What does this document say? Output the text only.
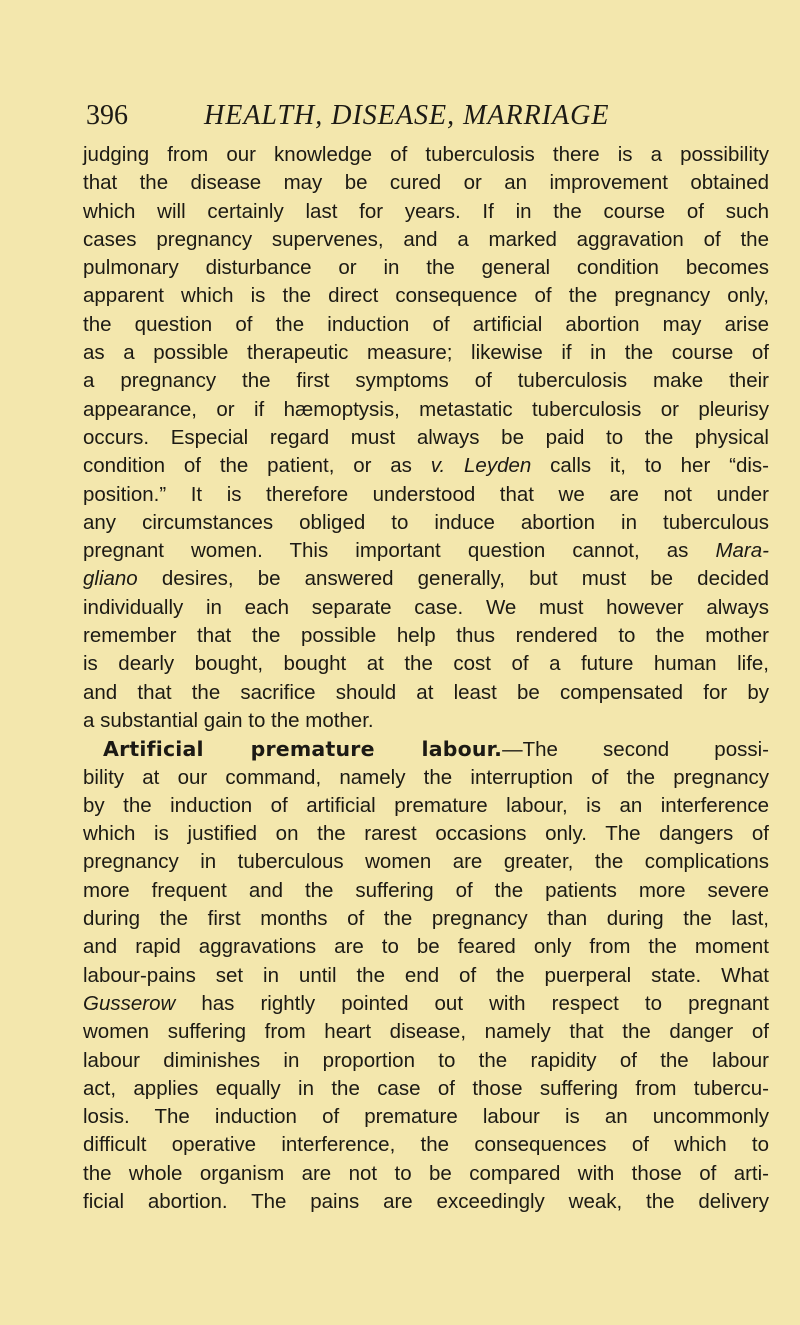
396	HEALTH, DISEASE, MARRIAGE
judging from our knowledge of tuberculosis there is a possibility
that the disease may be cured or an improvement obtained
which will certainly last for years. If in the course of such
cases pregnancy supervenes, and a marked aggravation of the
pulmonary disturbance or in the general condition becomes
apparent which is the direct consequence of the pregnancy only,
the question of the induction of artificial abortion may arise
as a possible therapeutic measure; likewise if in the course of
a pregnancy the first symptoms of tuberculosis make their
appearance, or if hæmoptysis, metastatic tuberculosis or pleurisy
occurs. Especial regard must always be paid to the physical
condition of the patient, or as v. Leyden calls it, to her “dis-
position.” It is therefore understood that we are not under
any circumstances obliged to induce abortion in tuberculous
pregnant women. This important question cannot, as Mara-
gliano desires, be answered generally, but must be decided
individually in each separate case. We must however always
remember that the possible help thus rendered to the mother
is dearly bought, bought at the cost of a future human life,
and that the sacrifice should at least be compensated for by
a substantial gain to the mother.
Artificial premature labour.—The second possi-
bility at our command, namely the interruption of the pregnancy
by the induction of artificial premature labour, is an interference
which is justified on the rarest occasions only. The dangers of
pregnancy in tuberculous women are greater, the complications
more frequent and the suffering of the patients more severe
during the first months of the pregnancy than during the last,
and rapid aggravations are to be feared only from the moment
labour-pains set in until the end of the puerperal state. What
Gusserow has rightly pointed out with respect to pregnant
women suffering from heart disease, namely that the danger of
labour diminishes in proportion to the rapidity of the labour
act, applies equally in the case of those suffering from tubercu-
losis. The induction of premature labour is an uncommonly
difficult operative interference, the consequences of which to
the whole organism are not to be compared with those of arti-
ficial abortion. The pains are exceedingly weak, the delivery
